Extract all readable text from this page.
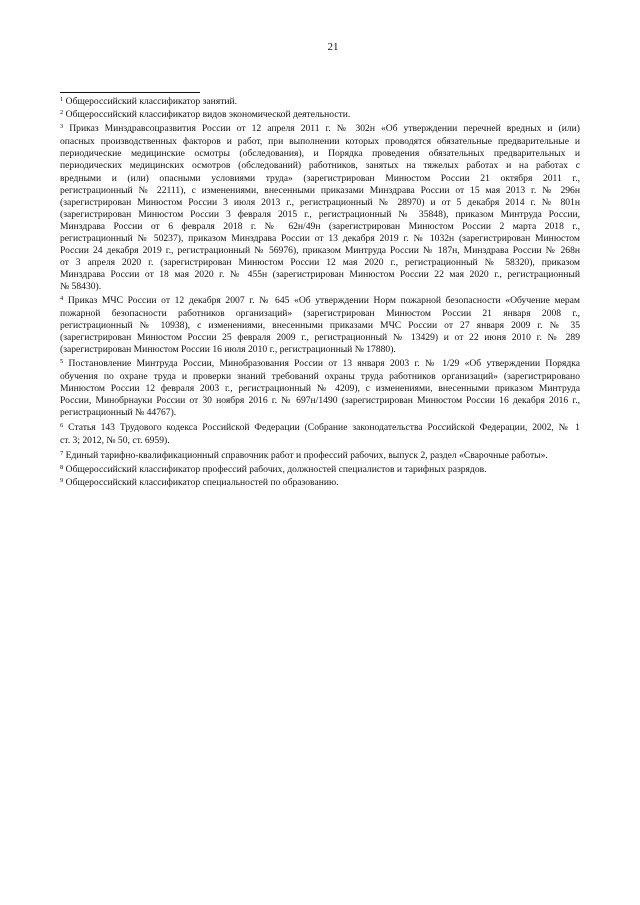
21
$^1$ Общероссийский классификатор занятий.
$^2$ Общероссийский классификатор видов экономической деятельности.
$^3$ Приказ Минздравсоцразвития России от 12 апреля 2011 г. № 302н «Об утверждении перечней вредных и (или)
опасных производственных факторов и работ, при выполнении которых проводятся обязательные предварительные и
периодические медицинские осмотры (обследования), и Порядка проведения обязательных предварительных и
периодических медицинских осмотров (обследований) работников, занятых на тяжелых работах и на работах с
вредными и (или) опасными условиями труда» (зарегистрирован Минюстом России 21 октября 2011 г.,
регистрационный № 22111), с изменениями, внесенными приказами Минздрава России от 15 мая 2013 г. № 296н
(зарегистрирован Минюстом России 3 июля 2013 г., регистрационный № 28970) и от 5 декабря 2014 г. № 801н
(зарегистрирован Минюстом России 3 февраля 2015 г., регистрационный № 35848), приказом Минтруда России,
Минздрава России от 6 февраля 2018 г. № 62н/49н (зарегистрирован Минюстом России 2 марта 2018 г.,
регистрационный № 50237), приказом Минздрава России от 13 декабря 2019 г. № 1032н (зарегистрирован Минюстом
России 24 декабря 2019 г., регистрационный № 56976), приказом Минтруда России № 187н, Минздрава России № 268н
от 3 апреля 2020 г. (зарегистрирован Минюстом России 12 мая 2020 г., регистрационный № 58320), приказом
Минздрава России от 18 мая 2020 г. № 455н (зарегистрирован Минюстом России 22 мая 2020 г., регистрационный
№ 58430).
$^4$ Приказ МЧС России от 12 декабря 2007 г. № 645 «Об утверждении Норм пожарной безопасности «Обучение мерам
пожарной безопасности работников организаций» (зарегистрирован Минюстом России 21 января 2008 г.,
регистрационный № 10938), с изменениями, внесенными приказами МЧС России от 27 января 2009 г. № 35
(зарегистрирован Минюстом России 25 февраля 2009 г., регистрационный № 13429) и от 22 июня 2010 г. № 289
(зарегистрирован Минюстом России 16 июля 2010 г., регистрационный № 17880).
$^5$ Постановление Минтруда России, Минобразования России от 13 января 2003 г. № 1/29 «Об утверждении Порядка
обучения по охране труда и проверки знаний требований охраны труда работников организаций» (зарегистрировано
Минюстом России 12 февраля 2003 г., регистрационный № 4209), с изменениями, внесенными приказом Минтруда
России, Минобрнауки России от 30 ноября 2016 г. № 697н/1490 (зарегистрирован Минюстом России 16 декабря 2016 г.,
регистрационный № 44767).
$^6$ Статья 143 Трудового кодекса Российской Федерации (Собрание законодательства Российской Федерации, 2002, № 1
ст. 3; 2012, № 50, ст. 6959).
$^7$ Единый тарифно-квалификационный справочник работ и профессий рабочих, выпуск 2, раздел «Сварочные работы».
$^8$ Общероссийский классификатор профессий рабочих, должностей специалистов и тарифных разрядов.
$^9$ Общероссийский классификатор специальностей по образованию.
